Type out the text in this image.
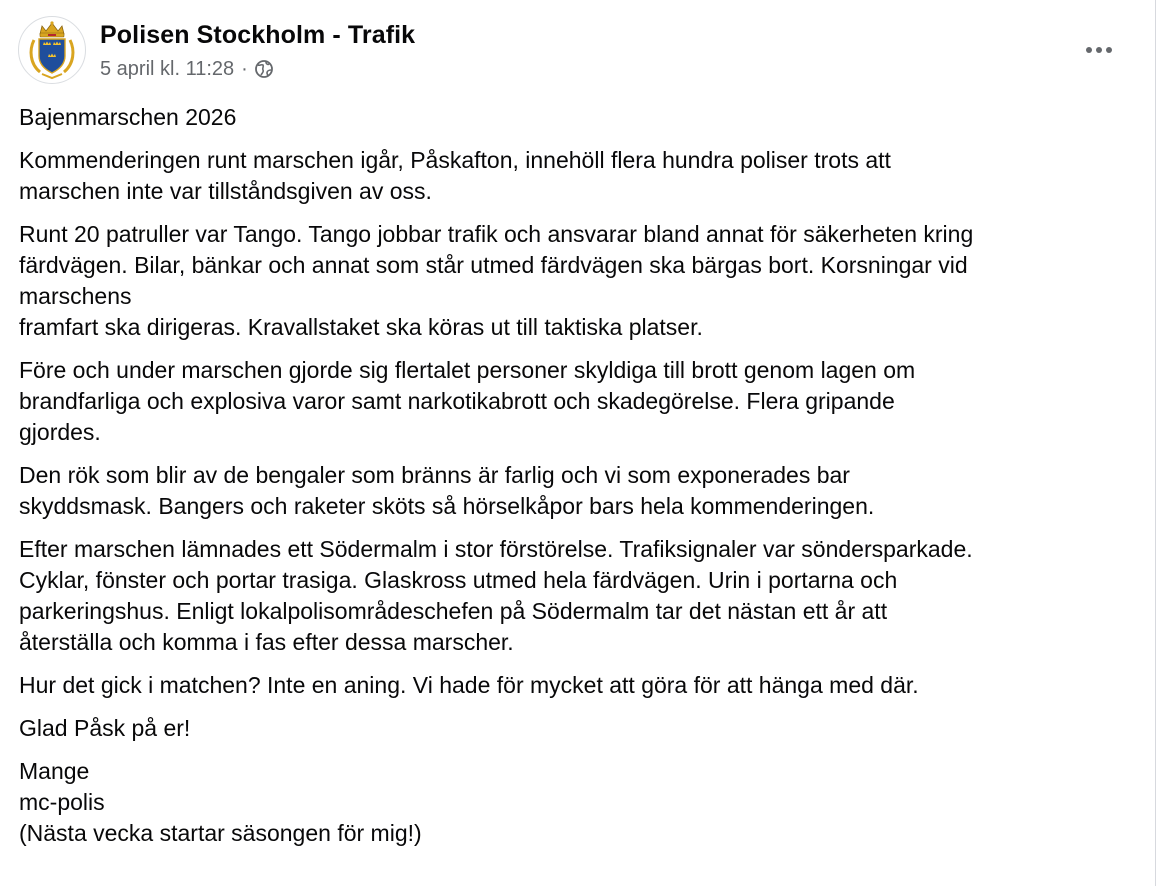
Polisen Stockholm - Trafik
5 april kl. 11:28 ·

Bajenmarschen 2026

Kommenderingen runt marschen igår, Påskafton, innehöll flera hundra poliser trots att
marschen inte var tillståndsgiven av oss.

Runt 20 patruller var Tango. Tango jobbar trafik och ansvarar bland annat för säkerheten kring
färdvägen. Bilar, bänkar och annat som står utmed färdvägen ska bärgas bort. Korsningar vid
marschens
framfart ska dirigeras. Kravallstaket ska köras ut till taktiska platser.

Före och under marschen gjorde sig flertalet personer skyldiga till brott genom lagen om
brandfarliga och explosiva varor samt narkotikabrott och skadegörelse. Flera gripande
gjordes.

Den rök som blir av de bengaler som bränns är farlig och vi som exponerades bar
skyddsmask. Bangers och raketer sköts så hörselkåpor bars hela kommenderingen.

Efter marschen lämnades ett Södermalm i stor förstörelse. Trafiksignaler var söndersparkade.
Cyklar, fönster och portar trasiga. Glaskross utmed hela färdvägen. Urin i portarna och
parkeringshus. Enligt lokalpolisområdeschefen på Södermalm tar det nästan ett år att
återställa och komma i fas efter dessa marscher.

Hur det gick i matchen? Inte en aning. Vi hade för mycket att göra för att hänga med där.

Glad Påsk på er!

Mange
mc-polis
(Nästa vecka startar säsongen för mig!)
